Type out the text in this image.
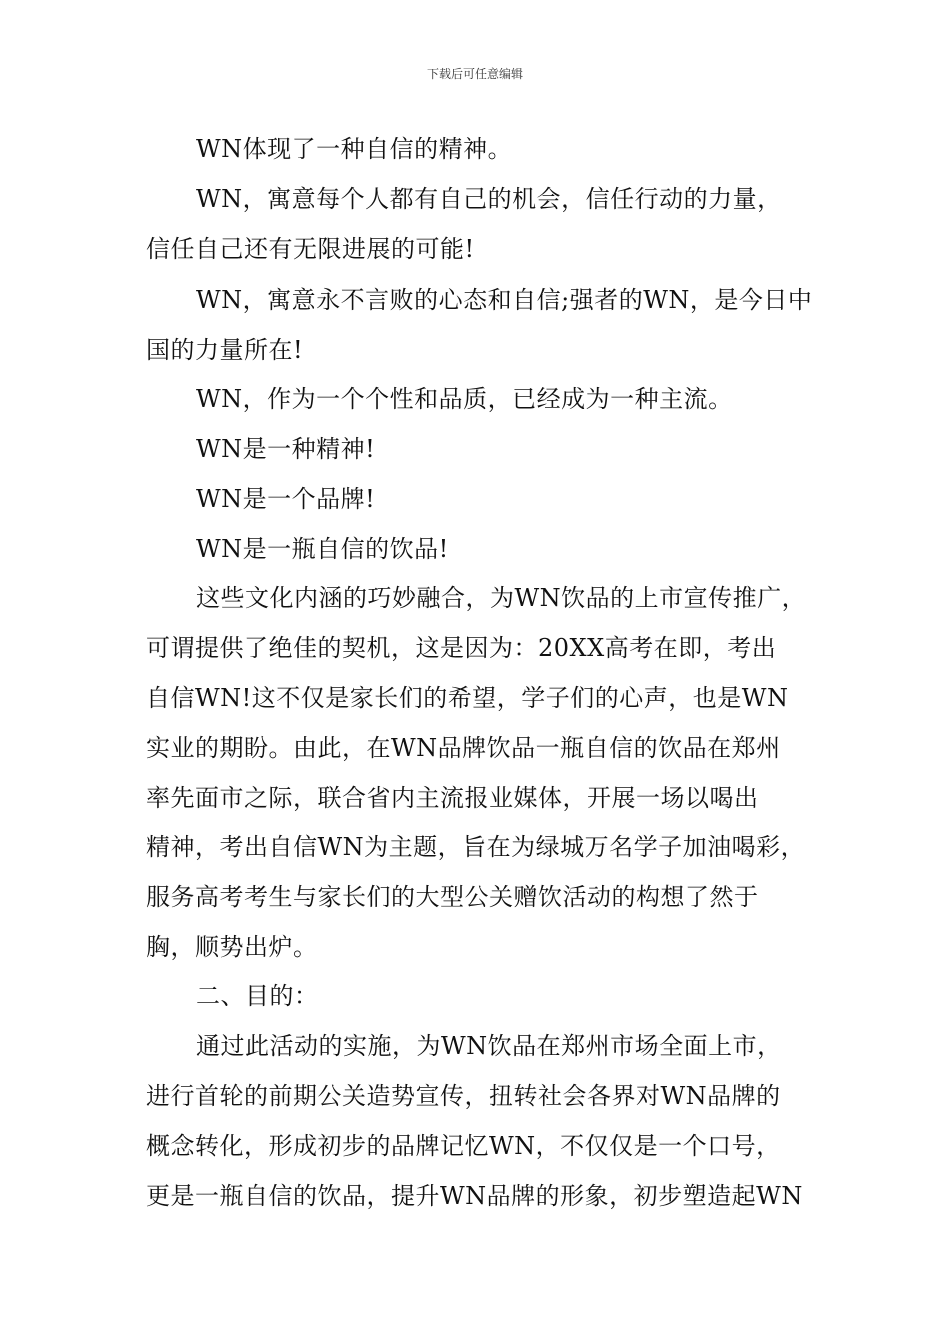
下载后可任意编辑
WN体现了一种自信的精神。
WN，寓意每个人都有自己的机会，信任行动的力量，
信任自己还有无限进展的可能!
WN，寓意永不言败的心态和自信;强者的WN，是今日中
国的力量所在!
WN，作为一个个性和品质，已经成为一种主流。
WN是一种精神!
WN是一个品牌!
WN是一瓶自信的饮品!
这些文化内涵的巧妙融合，为WN饮品的上市宣传推广，
可谓提供了绝佳的契机，这是因为：20XX高考在即，考出
自信WN!这不仅是家长们的希望，学子们的心声，也是WN
实业的期盼。由此，在WN品牌饮品一瓶自信的饮品在郑州
率先面市之际，联合省内主流报业媒体，开展一场以喝出
精神，考出自信WN为主题，旨在为绿城万名学子加油喝彩，
服务高考考生与家长们的大型公关赠饮活动的构想了然于
胸，顺势出炉。
二、目的：
通过此活动的实施，为WN饮品在郑州市场全面上市，
进行首轮的前期公关造势宣传，扭转社会各界对WN品牌的
概念转化，形成初步的品牌记忆WN，不仅仅是一个口号，
更是一瓶自信的饮品，提升WN品牌的形象，初步塑造起WN
